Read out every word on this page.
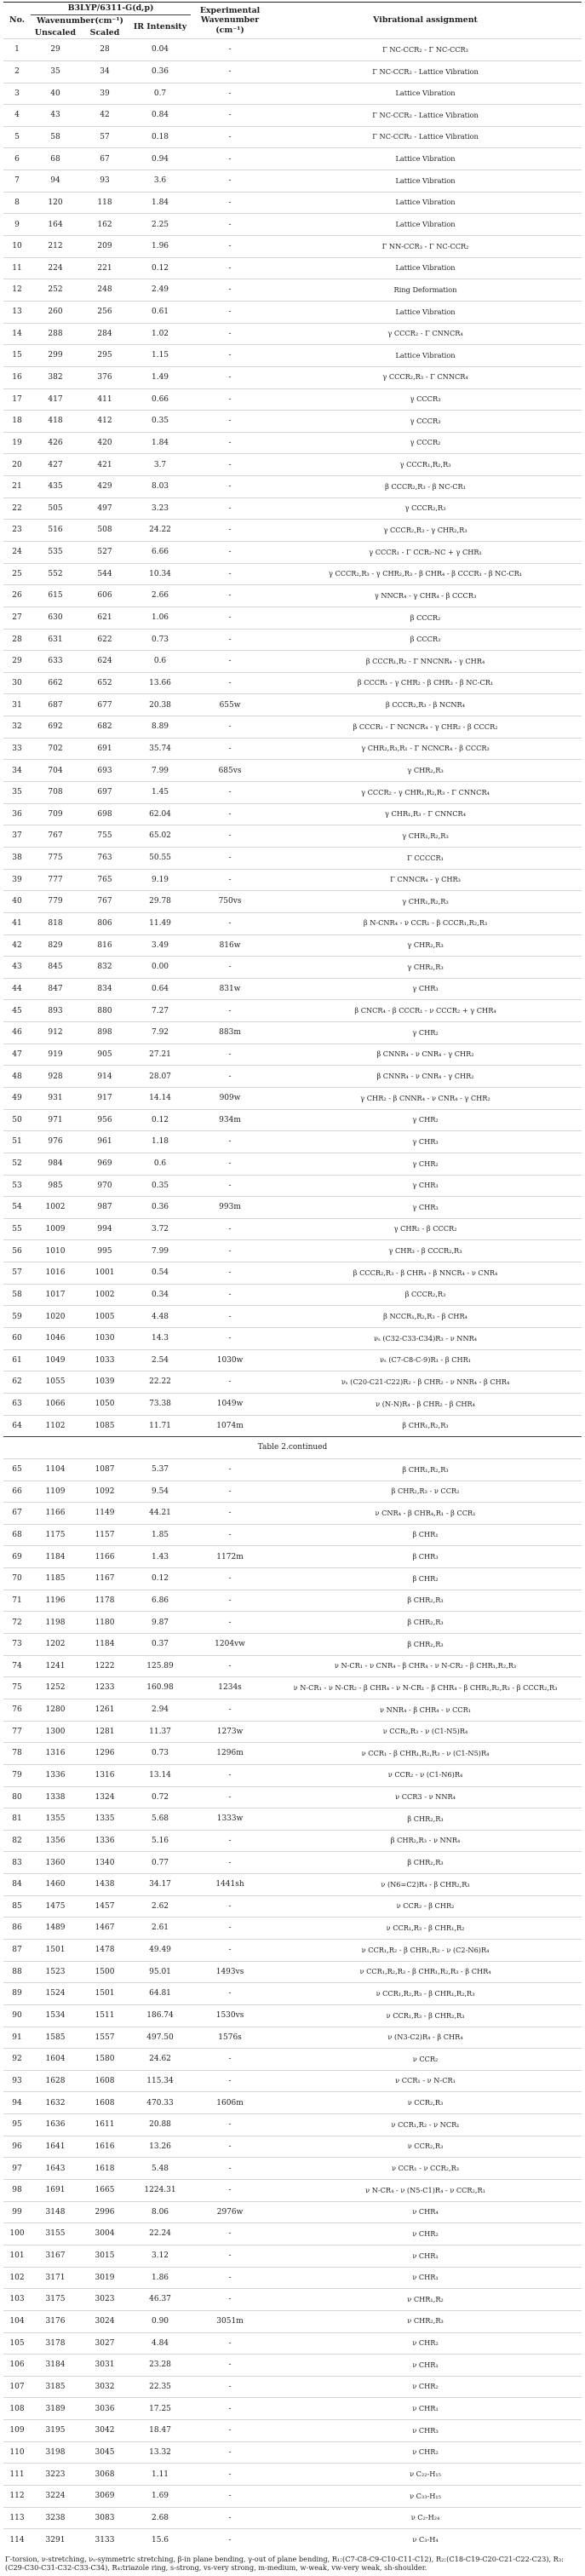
No.	B3LYP/6311-G(d,p)			Experimental Wavenumber (cm⁻¹)	Vibrational assignment
	Wavenumber(cm⁻¹)		IR Intensity		
	Unscaled	Scaled			
1	29	28	0.04	-	Γ NC-CCR₂ - Γ NC-CCR₃
2	35	34	0.36	-	Γ NC-CCR₂ - Lattice Vibration
3	40	39	0.7	-	Lattice Vibration
4	43	42	0.84	-	Γ NC-CCR₂ - Lattice Vibration
5	58	57	0.18	-	Γ NC-CCR₂ - Lattice Vibration
6	68	67	0.94	-	Lattice Vibration
7	94	93	3.6	-	Lattice Vibration
8	120	118	1.84	-	Lattice Vibration
9	164	162	2.25	-	Lattice Vibration
10	212	209	1.96	-	Γ NN-CCR₃ - Γ NC-CCR₂
11	224	221	0.12	-	Lattice Vibration
12	252	248	2.49	-	Ring Deformation
13	260	256	0.61	-	Lattice Vibration
14	288	284	1.02	-	γ CCCR₂ - Γ CNNCR₄
15	299	295	1.15	-	Lattice Vibration
16	382	376	1.49	-	γ CCCR₂,R₃ - Γ CNNCR₄
17	417	411	0.66	-	γ CCCR₃
18	418	412	0.35	-	γ CCCR₃
19	426	420	1.84	-	γ CCCR₂
20	427	421	3.7	-	γ CCCR₁,R₂,R₃
21	435	429	8.03	-	β CCCR₂,R₃ - β NC-CR₁
22	505	497	3.23	-	γ CCCR₂,R₃
23	516	508	24.22	-	γ CCCR₂,R₃ - γ CHR₂,R₃
24	535	527	6.66	-	γ CCCR₁ - Γ CCR₂-NC + γ CHR₁
25	552	544	10.34	-	γ CCCR₂,R₃ - γ CHR₂,R₃ - β CHR₄ - β CCCR₁ - β NC-CR₁
26	615	606	2.66	-	γ NNCR₄ - γ CHR₄ - β CCCR₃
27	630	621	1.06	-	β CCCR₂
28	631	622	0.73	-	β CCCR₃
29	633	624	0.6	-	β CCCR₁,R₂ - Γ NNCNR₄ - γ CHR₄
30	662	652	13.66	-	β CCCR₁ - γ CHR₂ - β CHR₃ - β NC-CR₁
31	687	677	20.38	655w	β CCCR₂,R₃ - β NCNR₄
32	692	682	8.89	-	β CCCR₁ - Γ NCNCR₄ - γ CHR₂ - β CCCR₂
33	702	691	35.74	-	γ CHR₂,R₃,R₁ - Γ NCNCR₄ - β CCCR₃
34	704	693	7.99	685vs	γ CHR₂,R₃
35	708	697	1.45	-	γ CCCR₂ - γ CHR₁,R₂,R₃ - Γ CNNCR₄
36	709	698	62.04	-	γ CHR₁,R₃ - Γ CNNCR₄
37	767	755	65.02	-	γ CHR₁,R₂,R₃
38	775	763	50.55	-	Γ CCCCR₁
39	777	765	9.19	-	Γ CNNCR₄ - γ CHR₃
40	779	767	29.78	750vs	γ CHR₁,R₂,R₃
41	818	806	11.49	-	β N-CNR₄ - ν CCR₁ - β CCCR₁,R₂,R₃
42	829	816	3.49	816w	γ CHR₂,R₃
43	845	832	0.00	-	γ CHR₂,R₃
44	847	834	0.64	831w	γ CHR₃
45	893	880	7.27	-	β CNCR₄ - β CCCR₁ - ν CCCR₂ + γ CHR₄
46	912	898	7.92	883m	γ CHR₂
47	919	905	27.21	-	β CNNR₄ - ν CNR₄ - γ CHR₂
48	928	914	28.07	-	β CNNR₄ - ν CNR₄ - γ CHR₂
49	931	917	14.14	909w	γ CHR₂ - β CNNR₄ - ν CNR₄ - γ CHR₂
50	971	956	0.12	934m	γ CHR₂
51	976	961	1.18	-	γ CHR₃
52	984	969	0.6	-	γ CHR₂
53	985	970	0.35	-	γ CHR₃
54	1002	987	0.36	993m	γ CHR₃
55	1009	994	3.72	-	γ CHR₂ - β CCCR₂
56	1010	995	7.99	-	γ CHR₃ - β CCCR₂,R₃
57	1016	1001	0.54	-	β CCCR₂,R₃ - β CHR₄ - β NNCR₄ - ν CNR₄
58	1017	1002	0.34	-	β CCCR₂,R₃
59	1020	1005	4.48	-	β NCCR₁,R₂,R₃ - β CHR₄
60	1046	1030	14.3	-	νₛ (C32-C33-C34)R₃ - ν NNR₄
61	1049	1033	2.54	1030w	νₛ (C7-C8-C-9)R₁ - β CHR₁
62	1055	1039	22.22	-	νₛ (C20-C21-C22)R₂ - β CHR₂ - ν NNR₄ - β CHR₄
63	1066	1050	73.38	1049w	ν (N-N)R₄ - β CHR₂ - β CHR₄
64	1102	1085	11.71	1074m	β CHR₁,R₂,R₃
Table 2.continued					
65	1104	1087	5.37	-	β CHR₁,R₂,R₃
66	1109	1092	9.54	-	β CHR₂,R₃ - ν CCR₂
67	1166	1149	44.21	-	ν CNR₄ - β CHR₄,R₁ - β CCR₁
68	1175	1157	1.85	-	β CHR₁
69	1184	1166	1.43	1172m	β CHR₃
70	1185	1167	0.12	-	β CHR₂
71	1196	1178	6.86	-	β CHR₂,R₃
72	1198	1180	9.87	-	β CHR₂,R₃
73	1202	1184	0.37	1204vw	β CHR₂,R₃
74	1241	1222	125.89	-	ν N-CR₁ - ν CNR₄ - β CHR₄ - ν N-CR₂ - β CHR₁,R₂,R₃
75	1252	1233	160.98	1234s	ν N-CR₁ - ν N-CR₂ - β CHR₄ - ν N-CR₁ - β CHR₄ - β CHR₁,R₂,R₃ - β CCCR₂,R₃
76	1280	1261	2.94	-	ν NNR₄ - β CHR₄ - ν CCR₁
77	1300	1281	11.37	1273w	ν CCR₂,R₃ - ν (C1-N5)R₄
78	1316	1296	0.73	1296m	ν CCR₁ - β CHR₁,R₂,R₃ - ν (C1-N5)R₄
79	1336	1316	13.14	-	ν CCR₂ - ν (C1-N6)R₄
80	1338	1324	0.72	-	ν CCR3 - ν NNR₄
81	1355	1335	5.68	1333w	β CHR₂,R₃
82	1356	1336	5.16	-	β CHR₂,R₃ - ν NNR₄
83	1360	1340	0.77	-	β CHR₂,R₃
84	1460	1438	34.17	1441sh	ν (N6=C2)R₄ - β CHR₂,R₃
85	1475	1457	2.62	-	ν CCR₂ - β CHR₂
86	1489	1467	2.61	-	ν CCR₁,R₃ - β CHR₁,R₂
87	1501	1478	49.49	-	ν CCR₁,R₂ - β CHR₁,R₂ - ν (C2-N6)R₄
88	1523	1500	95.01	1493vs	ν CCR₁,R₂,R₃ - β CHR₁,R₂,R₃ - β CHR₄
89	1524	1501	64.81	-	ν CCR₁,R₂,R₃ - β CHR₁,R₂,R₃
90	1534	1511	186.74	1530vs	ν CCR₁,R₃ - β CHR₂,R₃
91	1585	1557	497.50	1576s	ν (N3-C2)R₄ - β CHR₄
92	1604	1580	24.62	-	ν CCR₂
93	1628	1608	115.34	-	ν CCR₁ - ν N-CR₁
94	1632	1608	470.33	1606m	ν CCR₂,R₃
95	1636	1611	20.88	-	ν CCR₁,R₂ - ν NCR₁
96	1641	1616	13.26	-	ν CCR₂,R₃
97	1643	1618	5.48	-	ν CCR₁ - ν CCR₂,R₃
98	1691	1665	1224.31	-	ν N-CR₄ - ν (N5-C1)R₄ - ν CCR₂,R₁
99	3148	2996	8.06	2976w	ν CHR₄
100	3155	3004	22.24	-	ν CHR₂
101	3167	3015	3.12	-	ν CHR₁
102	3171	3019	1.86	-	ν CHR₁
103	3175	3023	46.37	-	ν CHR₁,R₂
104	3176	3024	0.90	3051m	ν CHR₂,R₃
105	3178	3027	4.84	-	ν CHR₂
106	3184	3031	23.28	-	ν CHR₁
107	3185	3032	22.35	-	ν CHR₂
108	3189	3036	17.25	-	ν CHR₁
109	3195	3042	18.47	-	ν CHR₃
110	3198	3045	13.32	-	ν CHR₂
111	3223	3068	1.11	-	ν C₂₂-H₁₅
112	3224	3069	1.69	-	ν C₃₃-H₁₅
113	3238	3083	2.68	-	ν C₂-H₂₄
114	3291	3133	15.6	-	ν C₃-H₄
Γ-torsion, ν-stretching, νₛ-symmetric stretching, β-in plane bending, γ-out of plane bending, R₁:(C7-C8-C9-C10-C11-C12), R₂:(C18-C19-C20-C21-C22-C23), R₃:(C29-C30-C31-C32-C33-C34), R₄:triazole ring, s-strong, vs-very strong, m-medium, w-weak, vw-very weak, sh-shoulder.
